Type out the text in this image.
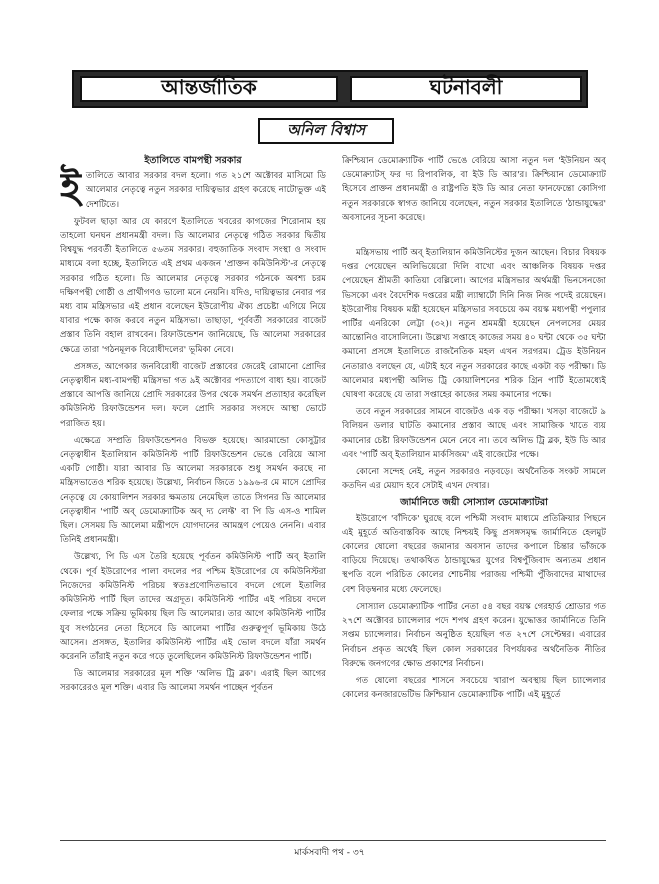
আন্তর্জাতিক	ঘটনাবলী
অনিল বিশ্বাস
ইতালিতে বামপন্থী সরকার

ইতালিতে আবার সরকার বদল হলো। গত ২১শে অক্টোবর মাসিমো ডি আলেমার নেতৃত্বে নতুন সরকার দায়িত্বভার গ্রহণ করেছে নাটোভুক্ত এই দেশটিতে।

ফুটবল ছাড়া আর যে কারণে ইতালিতে খবরের কাগজের শিরোনাম হয় তাহলো ঘনঘন প্রধানমন্ত্রী বদল। ডি আলেমার নেতৃত্বে গঠিত সরকার দ্বিতীয় বিশ্বযুদ্ধ পরবর্তী ইতালিতে ৫৬তম সরকার। বহুজাতিক সংবাদ সংস্থা ও সংবাদ মাধ্যমে বলা হচ্ছে, ইতালিতে এই প্রথম একজন 'প্রাক্তন কমিউনিস্ট'-র নেতৃত্বে সরকার গঠিত হলো। ডি আলেমার নেতৃত্বে সরকার গঠনকে অবশ্য চরম দক্ষিণপন্থী গোষ্ঠী ও প্রার্থীগণও ভালো মনে নেয়নি। যদিও, দায়িত্বভার নেবার পর মধ্য বাম মন্ত্রিসভার এই প্রধান বলেছেন ইউরোপীয় ঐক্য প্রচেষ্টা এগিয়ে নিয়ে যাবার পক্ষে কাজ করবে নতুন মন্ত্রিসভা। তাছাড়া, পূর্ববর্তী সরকারের বাজেট প্রস্তাব তিনি বহাল রাখবেন। রিফাউন্ডেশন জানিয়েছে, ডি আলেমা সরকারের ক্ষেত্রে তারা 'গঠনমূলক বিরোধীদলের' ভূমিকা নেবে।

প্রসঙ্গত, আগেকার জনবিরোধী বাজেট প্রস্তাবের জেরেই রোমানো প্রোদির নেতৃত্বাধীন মধ্য-বামপন্থী মন্ত্রিসভা গত ৯ই অক্টোবর পদত্যাগে বাধ্য হয়। বাজেট প্রস্তাবে আপত্তি জানিয়ে প্রোদি সরকারের উপর থেকে সমর্থন প্রত্যাহার করেছিল কমিউনিস্ট রিফাউন্ডেশন দল। ফলে প্রোদি সরকার সংসদে আস্থা ভোটে পরাজিত হয়।

এক্ষেত্রে সম্প্রতি রিফাউন্ডেশনও বিভক্ত হয়েছে। আরমান্ডো কোসুট্টার নেতৃত্বাধীন ইতালিয়ান কমিউনিস্ট পার্টি রিফাউন্ডেশন ভেঙে বেরিয়ে আসা একটি গোষ্ঠী। যারা আবার ডি আলেমা সরকারকে শুধু সমর্থন করছে না মন্ত্রিসভাতেও শরিক হয়েছে। উল্লেখ্য, নির্বাচন জিতে ১৯৯৬-র মে মাসে প্রোদির নেতৃত্বে যে কোয়ালিশন সরকার ক্ষমতায় নেমেছিল তাতে সিগনর ডি আলেমার নেতৃত্বাধীন 'পার্টি অব্ ডেমোক্র্যাটিক অব্ দ্য লেফ্ট' বা পি ডি এস-ও শামিল ছিল। সেসময় ডি আলেমা মন্ত্রীপদে যোগদানের আমন্ত্রণ পেয়েও নেননি। এবার তিনিই প্রধানমন্ত্রী।

উল্লেখ্য, পি ডি এস তৈরি হয়েছে পূর্বতন কমিউনিস্ট পার্টি অব্ ইতালি থেকে। পূর্ব ইউরোপের পালা বদলের পর পশ্চিম ইউরোপের যে কমিউনিস্টরা নিজেদের কমিউনিস্ট পরিচয় স্বতঃপ্রণোদিতভাবে বদলে গেলে ইতালির কমিউনিস্ট পার্টি ছিল তাদের অগ্রদূত। কমিউনিস্ট পার্টির এই পরিচয় বদলে ফেলার পক্ষে সক্রিয় ভূমিকায় ছিল ডি আলেমার। তার আগে কমিউনিস্ট পার্টির যুব সংগঠনের নেতা হিসেবে ডি আলেমা পার্টির গুরুত্বপূর্ণ ভূমিকায় উঠে আসেন। প্রসঙ্গত, ইতালির কমিউনিস্ট পার্টির এই ভোল বদলে যাঁরা সমর্থন করেননি তাঁরাই নতুন করে গড়ে তুলেছিলেন কমিউনিস্ট রিফাউন্ডেশন পার্টি।

ডি আলেমার সরকারের মূল শক্তি 'অলিভ ট্রি ব্লক'। এরাই ছিল আগের সরকারেরও মূল শক্তি। এবার ডি আলেমা সমর্থন পাচ্ছেন পূর্বতন

ক্রিশ্চিয়ান ডেমোক্র্যাটিক পার্টি ভেঙে বেরিয়ে আসা নতুন দল 'ইউনিয়ন অব্ ডেমোক্র্যাটস্ ফর দ্য রিপাবলিক, বা ইউ ডি আর'র। ক্রিশ্চিয়ান ডেমোক্র্যাট হিসেবে প্রাক্তন প্রধানমন্ত্রী ও রাষ্ট্রপতি ইউ ডি আর নেতা ফানফেন্তো কোসিগা নতুন সরকারকে স্বাগত জানিয়ে বলেছেন, নতুন সরকার ইতালিতে 'ঠান্ডাযুদ্ধের' অবসানের সূচনা করেছে।

মন্ত্রিসভায় পার্টি অব্ ইতালিয়ান কমিউনিস্টের দুজন আছেন। বিচার বিষয়ক দপ্তর পেয়েছেন অলিভিয়েরো দিলি বাখো এবং আঞ্চলিক বিষয়ক দপ্তর পেয়েছেন শ্রীমতী কাতিয়া বেল্লিলো। আগের মন্ত্রিসভার অর্থমন্ত্রী ভিনসেনজো ভিসকো এবং বৈদেশিক দপ্তরের মন্ত্রী ল্যাম্বার্টো দিনি নিজ নিজ পদেই রয়েছেন। ইউরোপীয় বিষয়ক মন্ত্রী হয়েছেন মন্ত্রিসভার সবচেয়ে কম বয়স্ক মধ্যপন্থী পপুলার পার্টির এনরিকো লেট্টা (৩২)। নতুন শ্রমমন্ত্রী হয়েছেন নেপলসের মেয়র আন্তোনিও বাসোলিনো। উল্লেখ্য সপ্তাহে কাজের সময় ৪০ ঘন্টা থেকে ৩৫ ঘন্টা কমানো প্রসঙ্গে ইতালিতে রাজনৈতিক মহল এখন সরগরম। ট্রেড ইউনিয়ন নেতারাও বলছেন যে, এটাই হবে নতুন সরকারের কাছে একটা বড় পরীক্ষা। ডি আলেমার মধ্যপন্থী অলিভ ট্রি কোয়ালিশনের শরিক গ্রিন পার্টি ইতোমধ্যেই ঘোষণা করেছে যে তারা সপ্তাহের কাজের সময় কমানোর পক্ষে।

তবে নতুন সরকারের সামনে বাজেটও এক বড় পরীক্ষা। খসড়া বাজেটে ৯ বিলিয়ন ডলার ঘাটতি কমানোর প্রস্তাব আছে এবং সামাজিক খাতে ব্যয় কমানোর চেষ্টা রিফাউন্ডেশন মেনে নেবে না। তবে অলিভ ট্রি ব্লক, ইউ ডি আর এবং 'পার্টি অব্ ইতালিয়ান মার্কসিজম' এই বাজেটের পক্ষে।

কোনো সন্দেহ নেই, নতুন সরকারও নড়বড়ে। অর্থনৈতিক সংকট সামলে কতদিন এর মেয়াদ হবে সেটাই এখন দেখার।

জার্মানিতে জয়ী সোস্যাল ডেমোক্র্যাটরা

ইউরোপে 'বাঁদিকে' ঘুরছে বলে পশ্চিমী সংবাদ মাধ্যমে প্রতিক্রিয়ার পিছনে এই মুহূর্তে অতিবাস্তবিক আছে নিশ্চয়ই কিছু প্রসঙ্গসমৃদ্ধ জার্মানিতে হেলমুট কোলের ষোলো বছরের জমানার অবসান তাদের কপালে চিন্তার ভাঁজকে বাড়িয়ে দিয়েছে। তথাকথিত ঠান্ডাযুদ্ধের যুগের বিশ্বপুঁজিবাদ অন্যতম প্রধান স্থপতি বলে পরিচিত কোলের শোচনীয় পরাজয় পশ্চিমী পুঁজিবাদের মাথাদের বেশ বিড়ম্বনার মধ্যে ফেলেছে।

সোস্যাল ডেমোক্র্যাটিক পার্টির নেতা ৫৪ বছর বয়স্ক গেরহার্ড শ্রোডার গত ২৭শে অক্টোবর চ্যান্সেলার পদে শপথ গ্রহণ করেন। যুদ্ধোত্তর জার্মানিতে তিনি সপ্তম চ্যান্সেলার। নির্বাচন অনুষ্ঠিত হয়েছিল গত ২৭শে সেপ্টেম্বর। এবারের নির্বাচন প্রকৃত অর্থেই ছিল কোল সরকারের বিপর্যয়কর অর্থনৈতিক নীতির বিরুদ্ধে জনগণের ক্ষোভ প্রকাশের নির্বাচন।

গত ষোলো বছরের শাসনে সবচেয়ে খারাপ অবস্থায় ছিল চ্যান্সেলার কোলের কনজারভেটিভ ক্রিশ্চিয়ান ডেমোক্র্যাটিক পার্টি। এই মুহূর্তে

মার্কসবাদী পথ - ৩৭
